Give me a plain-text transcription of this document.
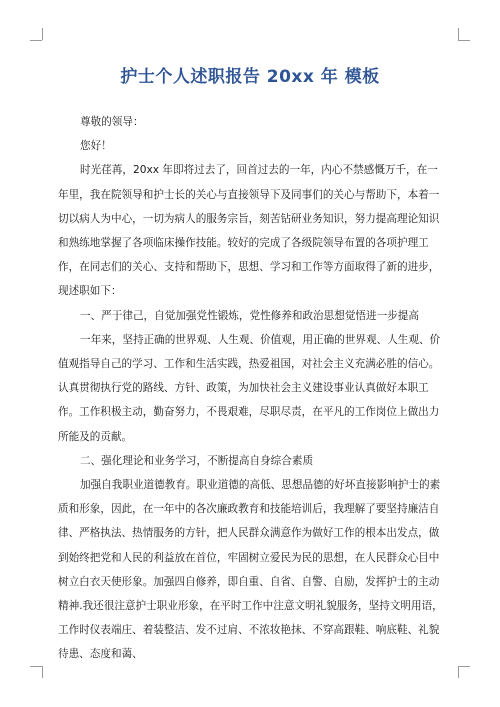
护士个人述职报告 20xx 年 模板

尊敬的领导：

您好！

时光荏苒，20xx 年即将过去了，回首过去的一年，内心不禁感慨万千，在一年里，我在院领导和护士长的关心与直接领导下及同事们的关心与帮助下，本着一切以病人为中心，一切为病人的服务宗旨，刻苦钻研业务知识，努力提高理论知识和熟练地掌握了各项临床操作技能。较好的完成了各级院领导布置的各项护理工作，在同志们的关心、支持和帮助下，思想、学习和工作等方面取得了新的进步，现述职如下：

一、严于律己，自觉加强党性锻炼，党性修养和政治思想觉悟进一步提高

一年来，坚持正确的世界观、人生观、价值观，用正确的世界观、人生观、价值观指导自己的学习、工作和生活实践，热爱祖国，对社会主义充满必胜的信心。认真贯彻执行党的路线、方针、政策，为加快社会主义建设事业认真做好本职工作。工作积极主动，勤奋努力，不畏艰难，尽职尽责，在平凡的工作岗位上做出力所能及的贡献。

二、强化理论和业务学习，不断提高自身综合素质

加强自我职业道德教育。职业道德的高低、思想品德的好坏直接影响护士的素质和形象，因此，在一年中的各次廉政教育和技能培训后，我理解了要坚持廉洁自律、严格执法、热情服务的方针，把人民群众满意作为做好工作的根本出发点，做到始终把党和人民的利益放在首位，牢固树立爱民为民的思想，在人民群众心目中树立白衣天使形象。加强四自修养，即自重、自省、自警、自励，发挥护士的主动精神.我还很注意护士职业形象，在平时工作中注意文明礼貌服务，坚持文明用语，工作时仪表端庄、着装整洁、发不过肩、不浓妆艳抹、不穿高跟鞋、响底鞋、礼貌待患、态度和蔼、
